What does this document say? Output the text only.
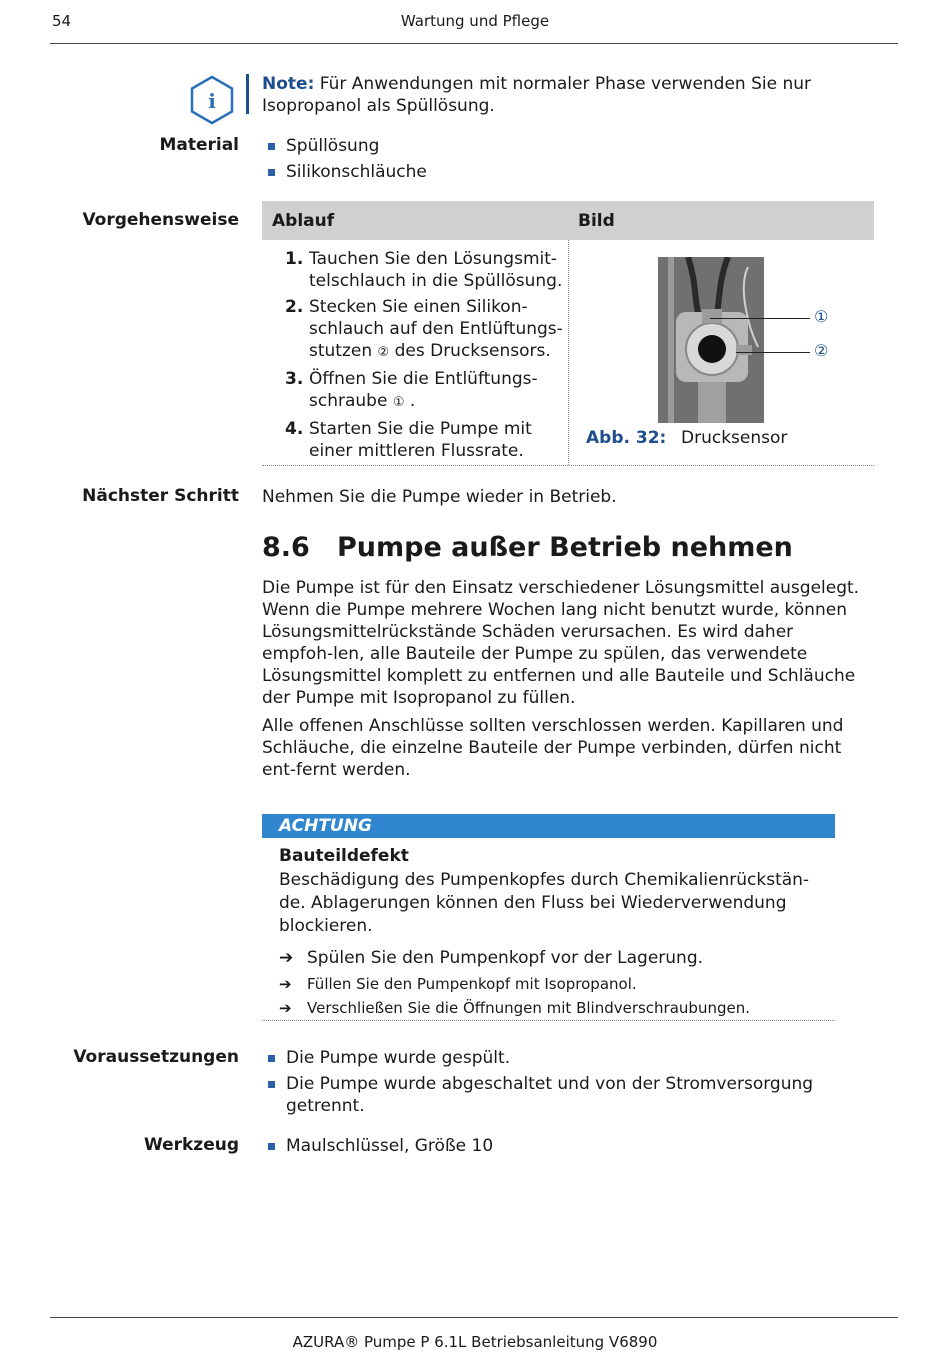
54	Wartung und Pflege
i
Note: Für Anwendungen mit normaler Phase verwenden Sie nur Isopropanol als Spüllösung.
Material	Spüllösung
Silikonschläuche
Vorgehensweise Ablauf	Bild
1. Tauchen Sie den Lösungsmit-telschlauch in die Spüllösung.
2. Stecken Sie einen Silikon-schlauch auf den Entlüftungs-stutzen ② des Drucksensors.
3. Öffnen Sie die Entlüftungs-schraube ① .
4. Starten Sie die Pumpe mit einer mittleren Flussrate.
①
②
Abb. 32: Drucksensor
Nächster Schritt Nehmen Sie die Pumpe wieder in Betrieb.
8.6 Pumpe außer Betrieb nehmen
Die Pumpe ist für den Einsatz verschiedener Lösungsmittel ausgelegt. Wenn die Pumpe mehrere Wochen lang nicht benutzt wurde, können Lösungsmittelrückstände Schäden verursachen. Es wird daher empfoh-len, alle Bauteile der Pumpe zu spülen, das verwendete Lösungsmittel komplett zu entfernen und alle Bauteile und Schläuche der Pumpe mit Isopropanol zu füllen.
Alle offenen Anschlüsse sollten verschlossen werden. Kapillaren und Schläuche, die einzelne Bauteile der Pumpe verbinden, dürfen nicht ent-fernt werden.
ACHTUNG
Bauteildefekt
Beschädigung des Pumpenkopfes durch Chemikalienrückstän-de. Ablagerungen können den Fluss bei Wiederverwendung blockieren.
➔ Spülen Sie den Pumpenkopf vor der Lagerung.
➔ Füllen Sie den Pumpenkopf mit Isopropanol.
➔ Verschließen Sie die Öffnungen mit Blindverschraubungen.
Voraussetzungen	Die Pumpe wurde gespült.
Die Pumpe wurde abgeschaltet und von der Stromversorgung getrennt.
Werkzeug	Maulschlüssel, Größe 10
AZURA® Pumpe P 6.1L Betriebsanleitung V6890
